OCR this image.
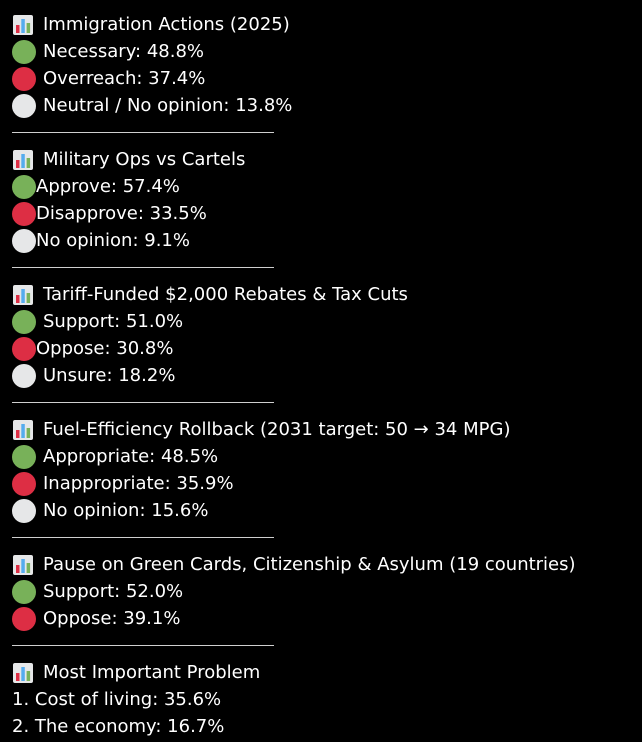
Immigration Actions (2025)
Necessary: 48.8%
Overreach: 37.4%
Neutral / No opinion: 13.8%
Military Ops vs Cartels
Approve: 57.4%
Disapprove: 33.5%
No opinion: 9.1%
Tariff-Funded $2,000 Rebates & Tax Cuts
Support: 51.0%
Oppose: 30.8%
Unsure: 18.2%
Fuel-Efficiency Rollback (2031 target: 50 → 34 MPG)
Appropriate: 48.5%
Inappropriate: 35.9%
No opinion: 15.6%
Pause on Green Cards, Citizenship & Asylum (19 countries)
Support: 52.0%
Oppose: 39.1%
Most Important Problem
1. Cost of living: 35.6%
2. The economy: 16.7%
